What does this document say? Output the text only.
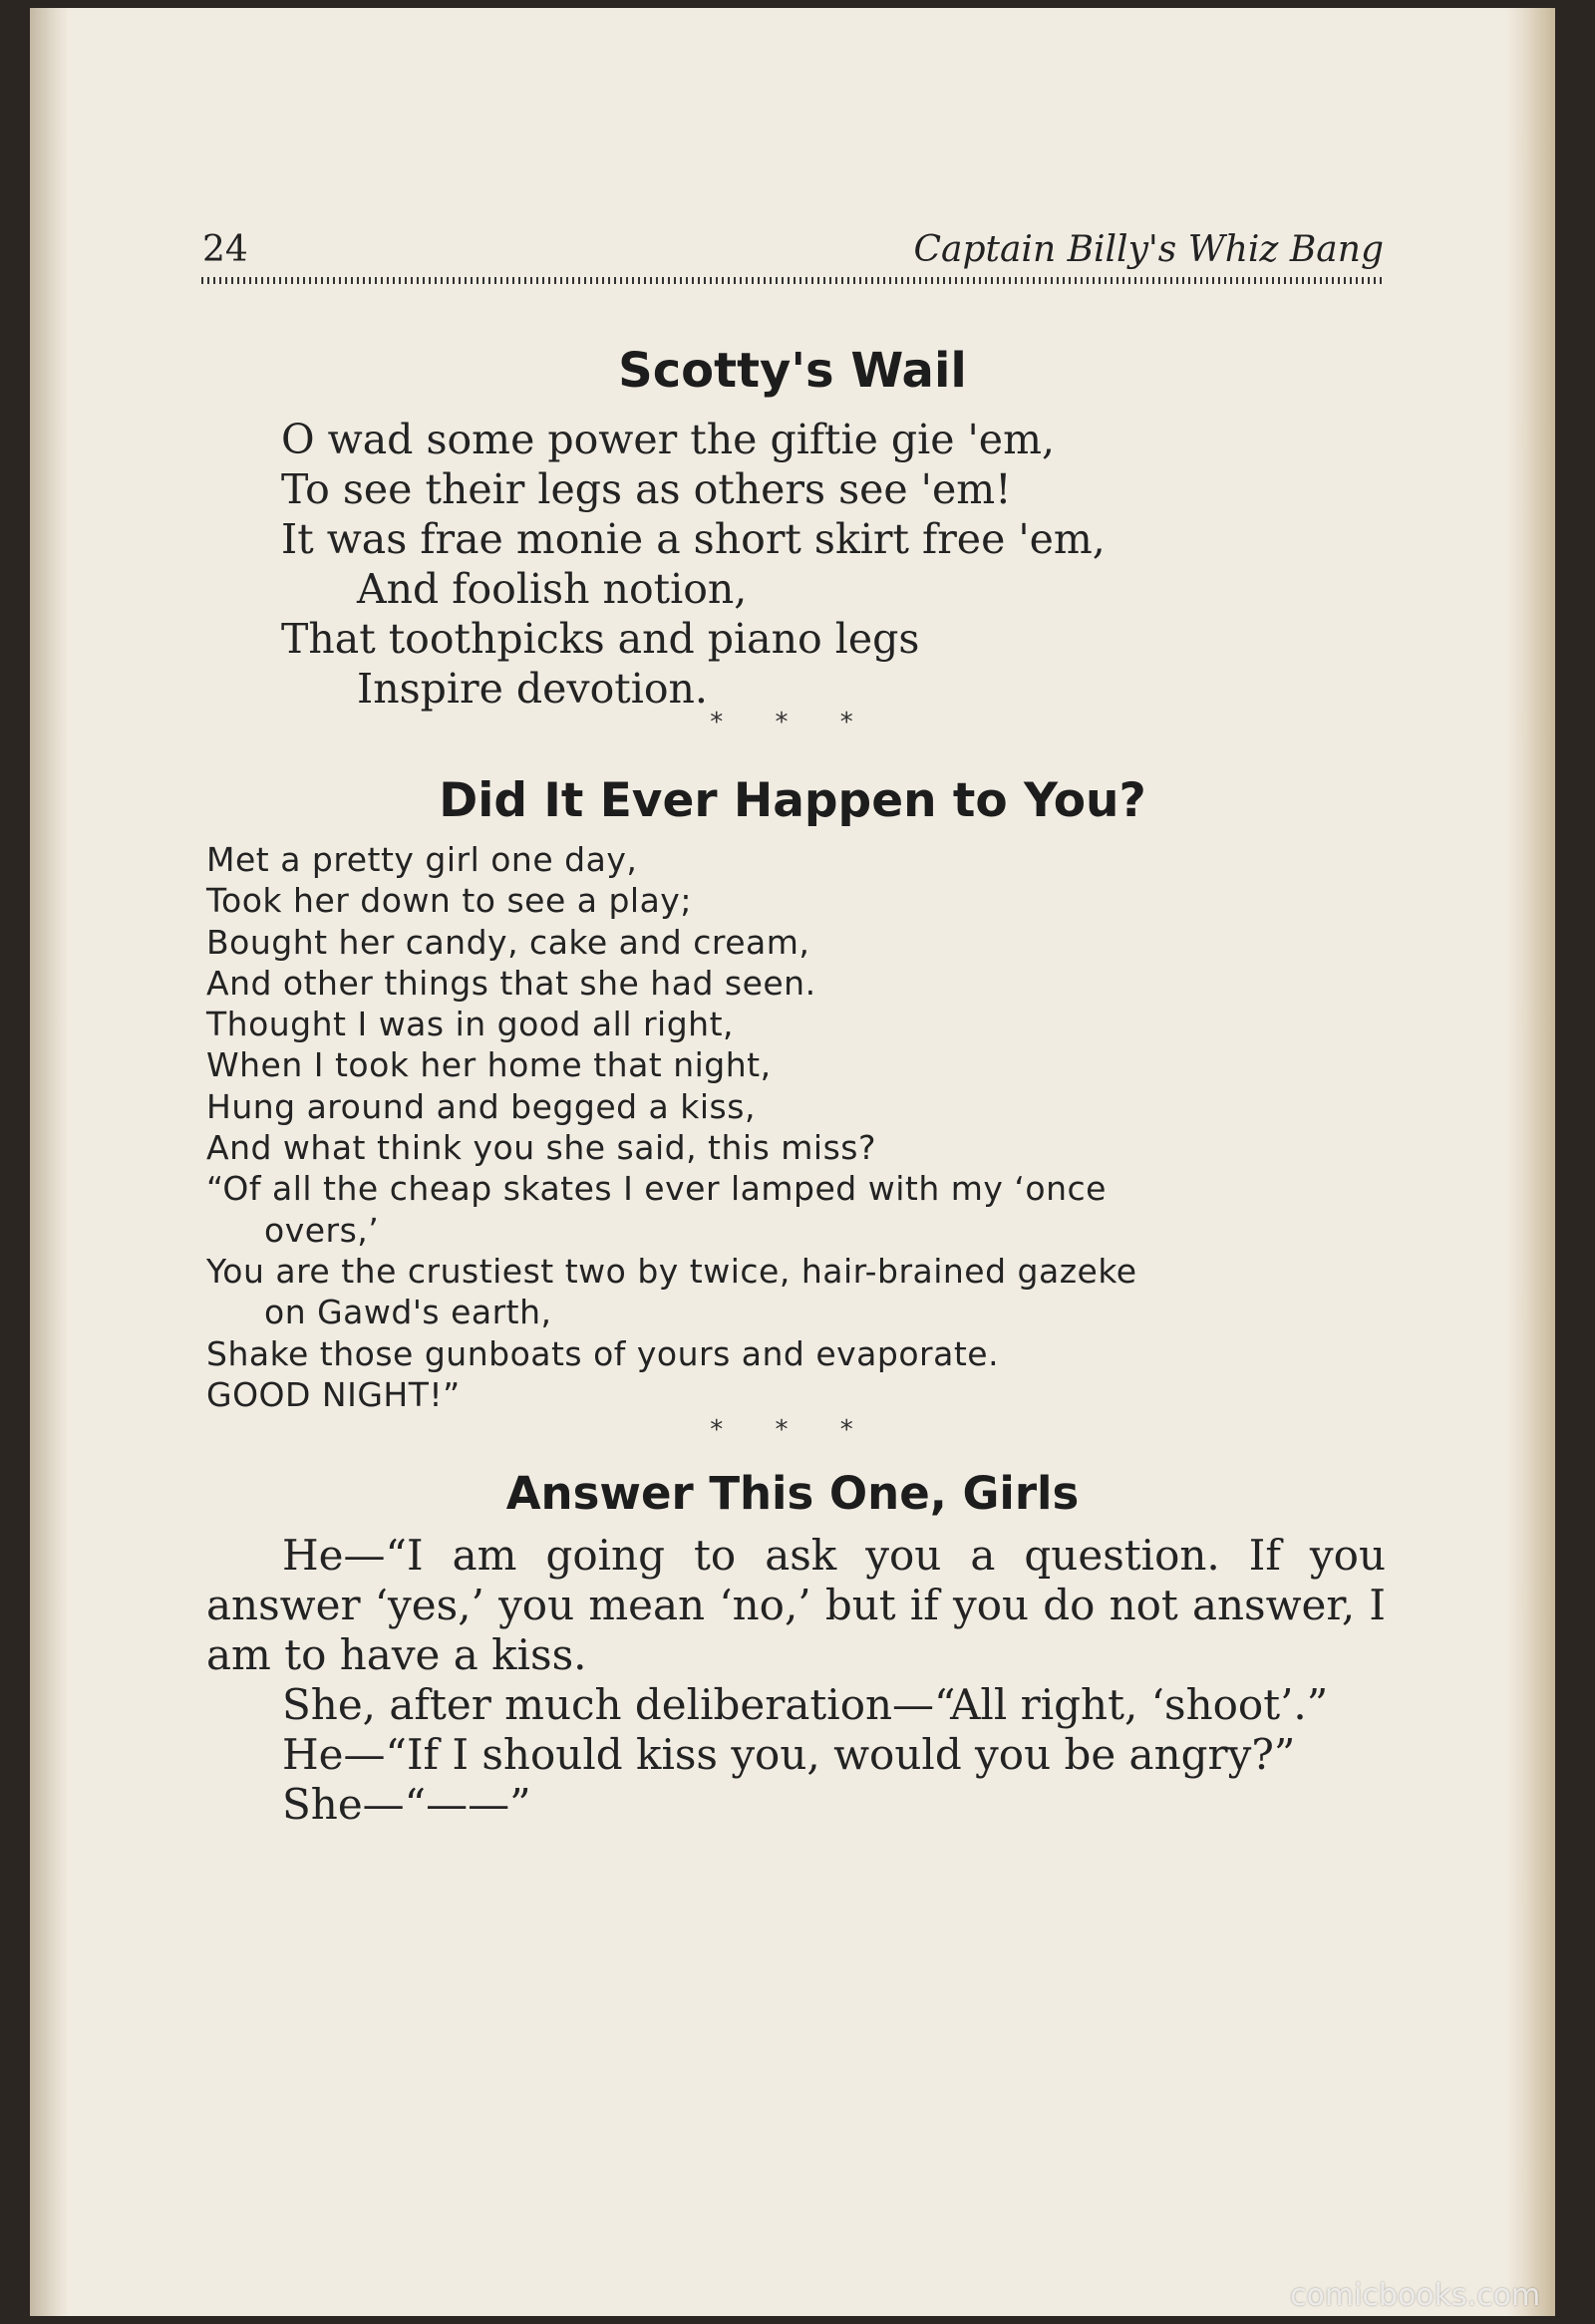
24	Captain Billy's Whiz Bang
Scotty's Wail
O wad some power the giftie gie 'em,
To see their legs as others see 'em!
It was frae monie a short skirt free 'em,
And foolish notion,
That toothpicks and piano legs
Inspire devotion.
* * *
Did It Ever Happen to You?
Met a pretty girl one day,
Took her down to see a play;
Bought her candy, cake and cream,
And other things that she had seen.
Thought I was in good all right,
When I took her home that night,
Hung around and begged a kiss,
And what think you she said, this miss?
“Of all the cheap skates I ever lamped with my ‘once
overs,’
You are the crustiest two by twice, hair-brained gazeke
on Gawd's earth,
Shake those gunboats of yours and evaporate.
GOOD NIGHT!”
* * *
Answer This One, Girls

He—“I am going to ask you a question. If you answer ‘yes,’ you mean ‘no,’ but if you do not answer, I am to have a kiss.

She, after much deliberation—“All right, ‘shoot’.”

He—“If I should kiss you, would you be angry?”

She—“——”

comicbooks.com
